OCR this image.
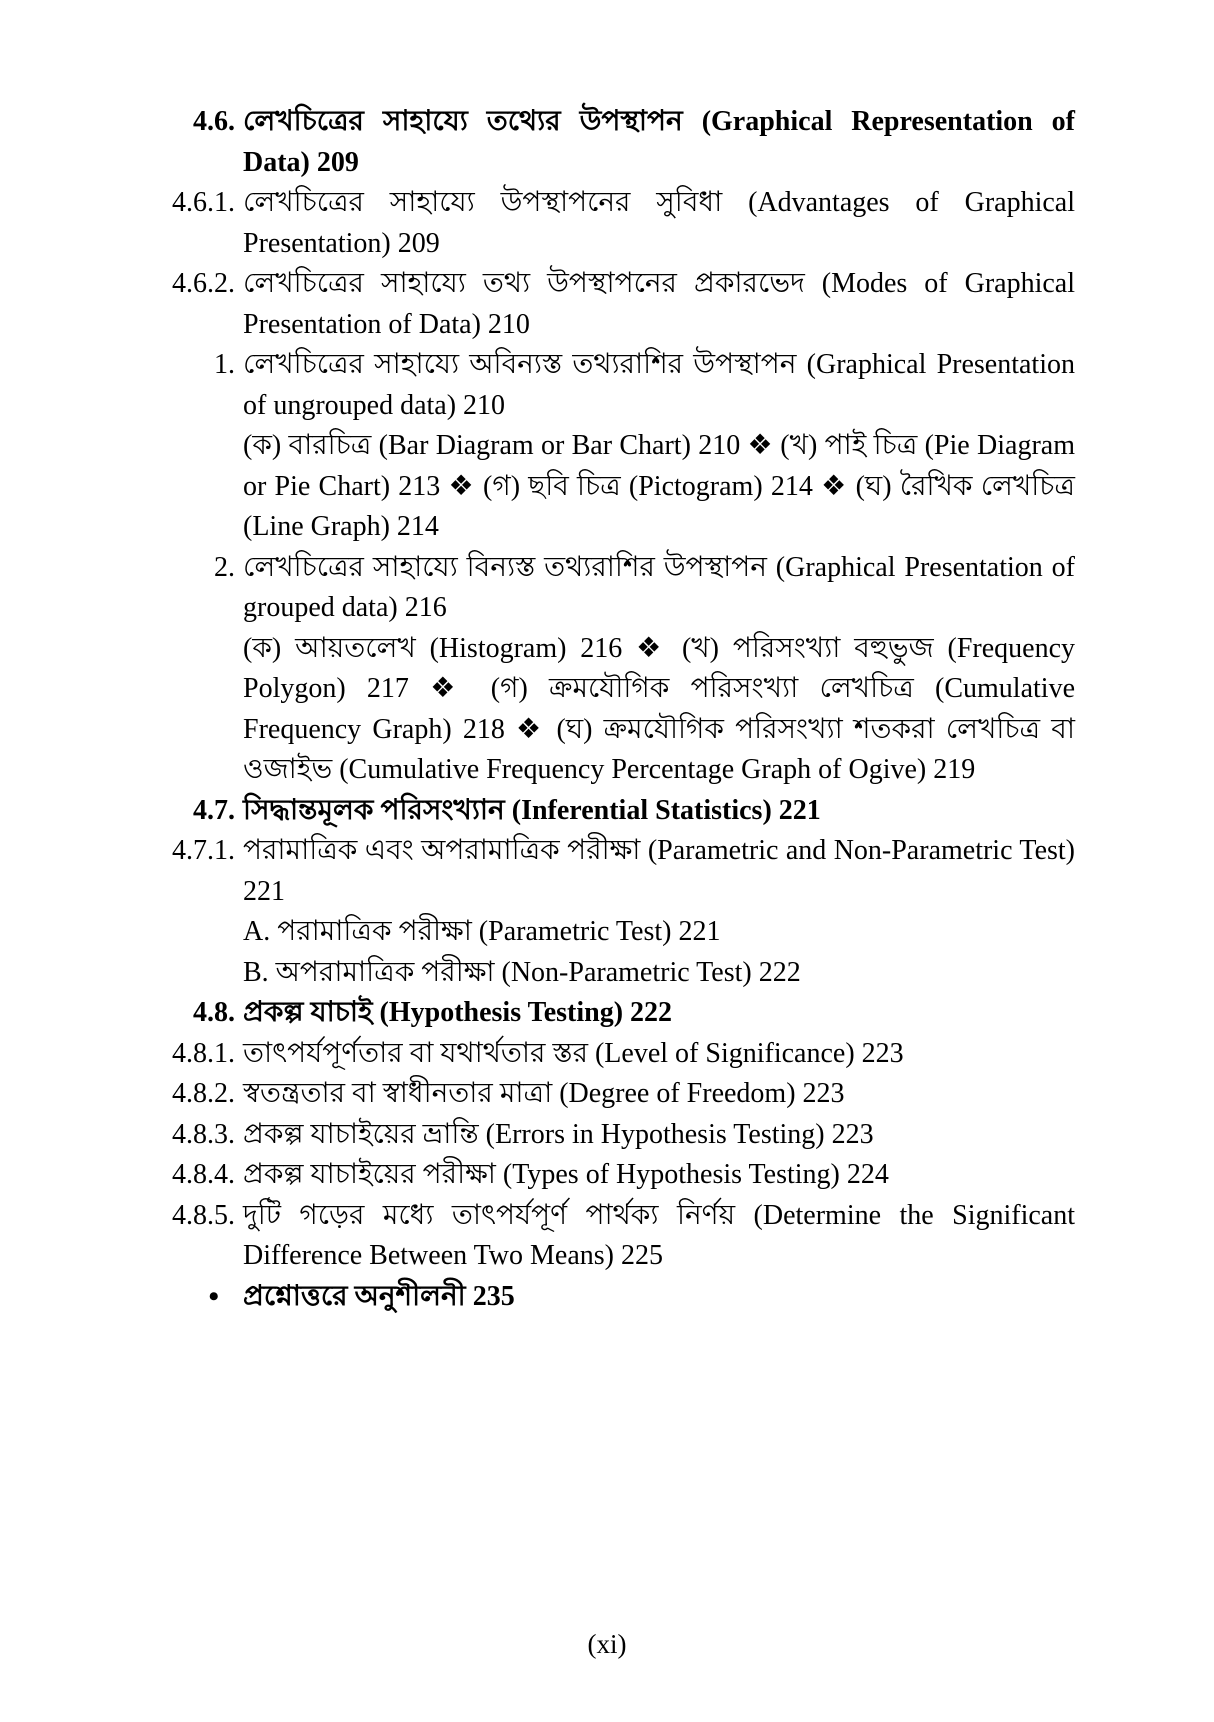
4.6. লেখচিত্রের সাহায্যে তথ্যের উপস্থাপন (Graphical Representation of Data) 209
4.6.1. লেখচিত্রের সাহায্যে উপস্থাপনের সুবিধা (Advantages of Graphical Presentation) 209
4.6.2. লেখচিত্রের সাহায্যে তথ্য উপস্থাপনের প্রকারভেদ (Modes of Graphical Presentation of Data) 210
1. লেখচিত্রের সাহায্যে অবিন্যস্ত তথ্যরাশির উপস্থাপন (Graphical Presentation of ungrouped data) 210
(ক) বারচিত্র (Bar Diagram or Bar Chart) 210 ❖ (খ) পাই চিত্র (Pie Diagram or Pie Chart) 213 ❖ (গ) ছবি চিত্র (Pictogram) 214 ❖ (ঘ) রৈখিক লেখচিত্র (Line Graph) 214
2. লেখচিত্রের সাহায্যে বিন্যস্ত তথ্যরাশির উপস্থাপন (Graphical Presentation of grouped data) 216
(ক) আয়তলেখ (Histogram) 216 ❖ (খ) পরিসংখ্যা বহুভুজ (Frequency Polygon) 217 ❖ (গ) ক্রমযৌগিক পরিসংখ্যা লেখচিত্র (Cumulative Frequency Graph) 218 ❖ (ঘ) ক্রমযৌগিক পরিসংখ্যা শতকরা লেখচিত্র বা ওজাইভ (Cumulative Frequency Percentage Graph of Ogive) 219
4.7. সিদ্ধান্তমূলক পরিসংখ্যান (Inferential Statistics) 221
4.7.1. পরামাত্রিক এবং অপরামাত্রিক পরীক্ষা (Parametric and Non-Parametric Test) 221
A. পরামাত্রিক পরীক্ষা (Parametric Test) 221
B. অপরামাত্রিক পরীক্ষা (Non-Parametric Test) 222
4.8. প্রকল্প যাচাই (Hypothesis Testing) 222
4.8.1. তাৎপর্যপূর্ণতার বা যথার্থতার স্তর (Level of Significance) 223
4.8.2. স্বতন্ত্রতার বা স্বাধীনতার মাত্রা (Degree of Freedom) 223
4.8.3. প্রকল্প যাচাইয়ের ভ্রান্তি (Errors in Hypothesis Testing) 223
4.8.4. প্রকল্প যাচাইয়ের পরীক্ষা (Types of Hypothesis Testing) 224
4.8.5. দুটি গড়ের মধ্যে তাৎপর্যপূর্ণ পার্থক্য নির্ণয় (Determine the Significant Difference Between Two Means) 225
• প্রশ্নোত্তরে অনুশীলনী 235
(xi)
